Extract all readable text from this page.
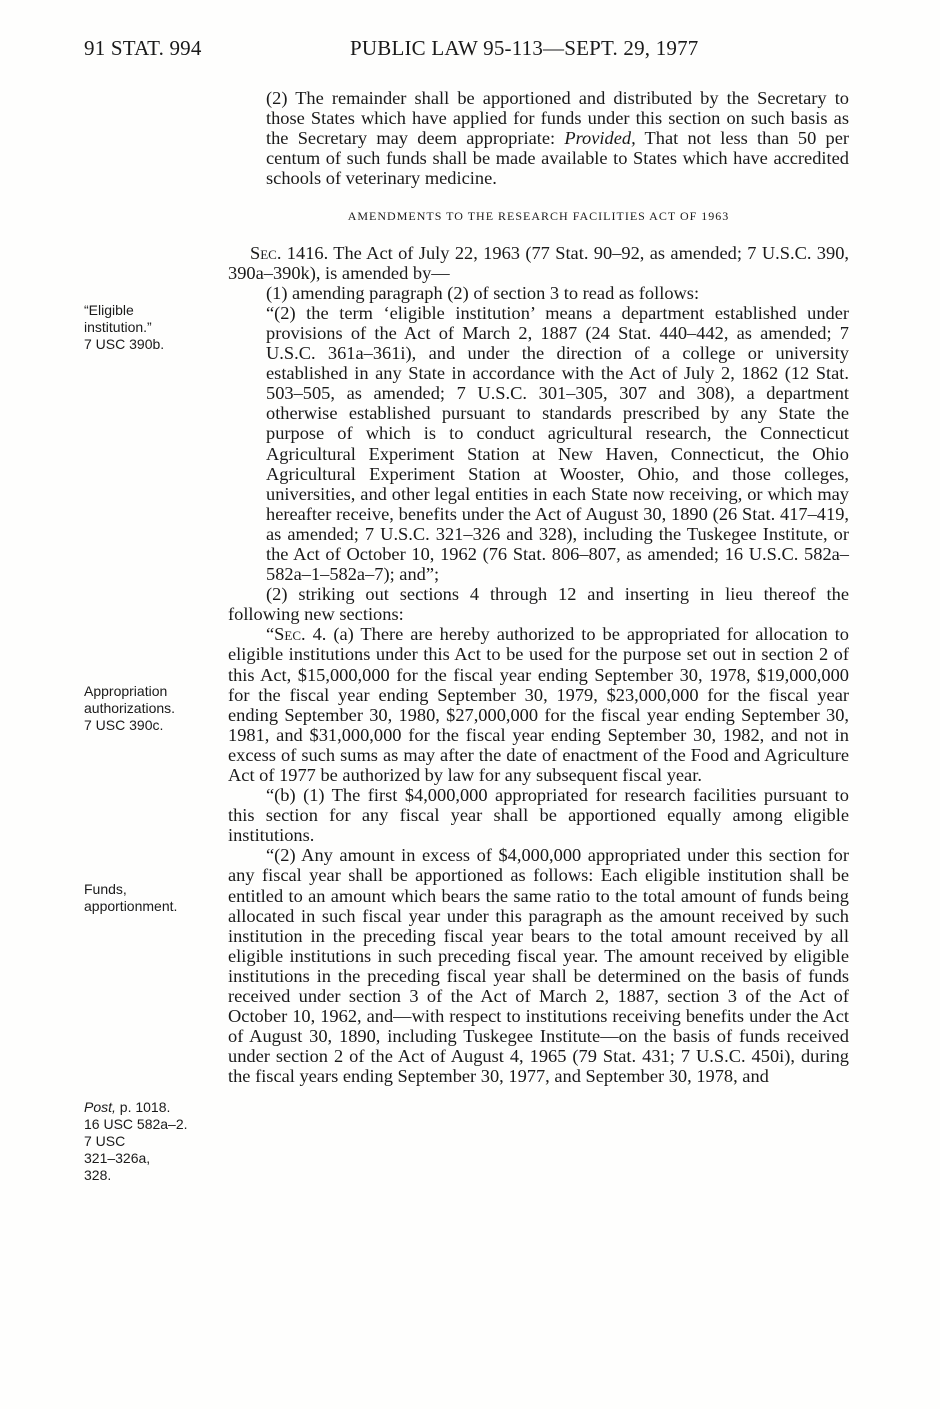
91 STAT. 994	PUBLIC LAW 95-113—SEPT. 29, 1977
“Eligible
institution.”
7 USC 390b.
Appropriation
authorizations.
7 USC 390c.
Funds,
apportionment.
Post, p. 1018.
16 USC 582a–2.
7 USC
321–326a,
328.

(2) The remainder shall be apportioned and distributed by the Secretary to those States which have applied for funds under this section on such basis as the Secretary may deem appropriate: Provided, That not less than 50 per centum of such funds shall be made available to States which have accredited schools of veterinary medicine.

AMENDMENTS TO THE RESEARCH FACILITIES ACT OF 1963

Sec. 1416. The Act of July 22, 1963 (77 Stat. 90–92, as amended; 7 U.S.C. 390, 390a–390k), is amended by—

(1) amending paragraph (2) of section 3 to read as follows:

“(2) the term ‘eligible institution’ means a department established under provisions of the Act of March 2, 1887 (24 Stat. 440–442, as amended; 7 U.S.C. 361a–361i), and under the direction of a college or university established in any State in accordance with the Act of July 2, 1862 (12 Stat. 503–505, as amended; 7 U.S.C. 301–305, 307 and 308), a department otherwise established pursuant to standards prescribed by any State the purpose of which is to conduct agricultural research, the Connecticut Agricultural Experiment Station at New Haven, Connecticut, the Ohio Agricultural Experiment Station at Wooster, Ohio, and those colleges, universities, and other legal entities in each State now receiving, or which may hereafter receive, benefits under the Act of August 30, 1890 (26 Stat. 417–419, as amended; 7 U.S.C. 321–326 and 328), including the Tuskegee Institute, or the Act of October 10, 1962 (76 Stat. 806–807, as amended; 16 U.S.C. 582a–582a–1–582a–7); and”;

(2) striking out sections 4 through 12 and inserting in lieu thereof the following new sections:

“Sec. 4. (a) There are hereby authorized to be appropriated for allocation to eligible institutions under this Act to be used for the purpose set out in section 2 of this Act, $15,000,000 for the fiscal year ending September 30, 1978, $19,000,000 for the fiscal year ending September 30, 1979, $23,000,000 for the fiscal year ending September 30, 1980, $27,000,000 for the fiscal year ending September 30, 1981, and $31,000,000 for the fiscal year ending September 30, 1982, and not in excess of such sums as may after the date of enactment of the Food and Agriculture Act of 1977 be authorized by law for any subsequent fiscal year.

“(b) (1) The first $4,000,000 appropriated for research facilities pursuant to this section for any fiscal year shall be apportioned equally among eligible institutions.

“(2) Any amount in excess of $4,000,000 appropriated under this section for any fiscal year shall be apportioned as follows: Each eligible institution shall be entitled to an amount which bears the same ratio to the total amount of funds being allocated in such fiscal year under this paragraph as the amount received by such institution in the preceding fiscal year bears to the total amount received by all eligible institutions in such preceding fiscal year. The amount received by eligible institutions in the preceding fiscal year shall be determined on the basis of funds received under section 3 of the Act of March 2, 1887, section 3 of the Act of October 10, 1962, and—with respect to institutions receiving benefits under the Act of August 30, 1890, including Tuskegee Institute—on the basis of funds received under section 2 of the Act of August 4, 1965 (79 Stat. 431; 7 U.S.C. 450i), during the fiscal years ending September 30, 1977, and September 30, 1978, and
